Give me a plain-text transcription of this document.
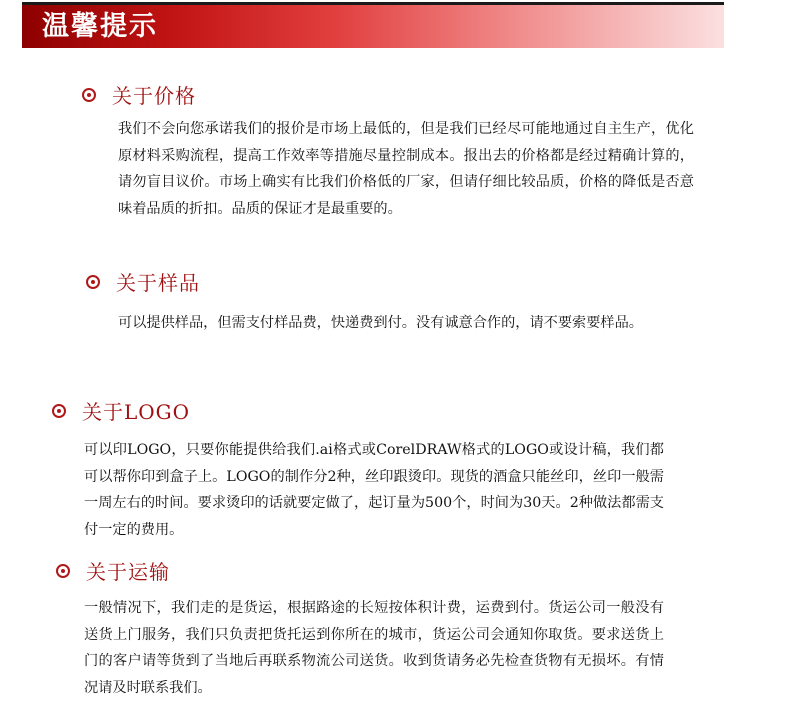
温馨提示
关于价格

我们不会向您承诺我们的报价是市场上最低的，但是我们已经尽可能地通过自主生产，优化原材料采购流程，提高工作效率等措施尽量控制成本。报出去的价格都是经过精确计算的，请勿盲目议价。市场上确实有比我们价格低的厂家，但请仔细比较品质，价格的降低是否意味着品质的折扣。品质的保证才是最重要的。

关于样品

可以提供样品，但需支付样品费，快递费到付。没有诚意合作的，请不要索要样品。

关于LOGO

可以印LOGO，只要你能提供给我们.ai格式或CorelDRAW格式的LOGO或设计稿，我们都可以帮你印到盒子上。LOGO的制作分2种，丝印跟烫印。现货的酒盒只能丝印，丝印一般需一周左右的时间。要求烫印的话就要定做了，起订量为500个，时间为30天。2种做法都需支付一定的费用。

关于运输

一般情况下，我们走的是货运，根据路途的长短按体积计费，运费到付。货运公司一般没有送货上门服务，我们只负责把货托运到你所在的城市，货运公司会通知你取货。要求送货上门的客户请等货到了当地后再联系物流公司送货。收到货请务必先检查货物有无损坏。有情况请及时联系我们。
